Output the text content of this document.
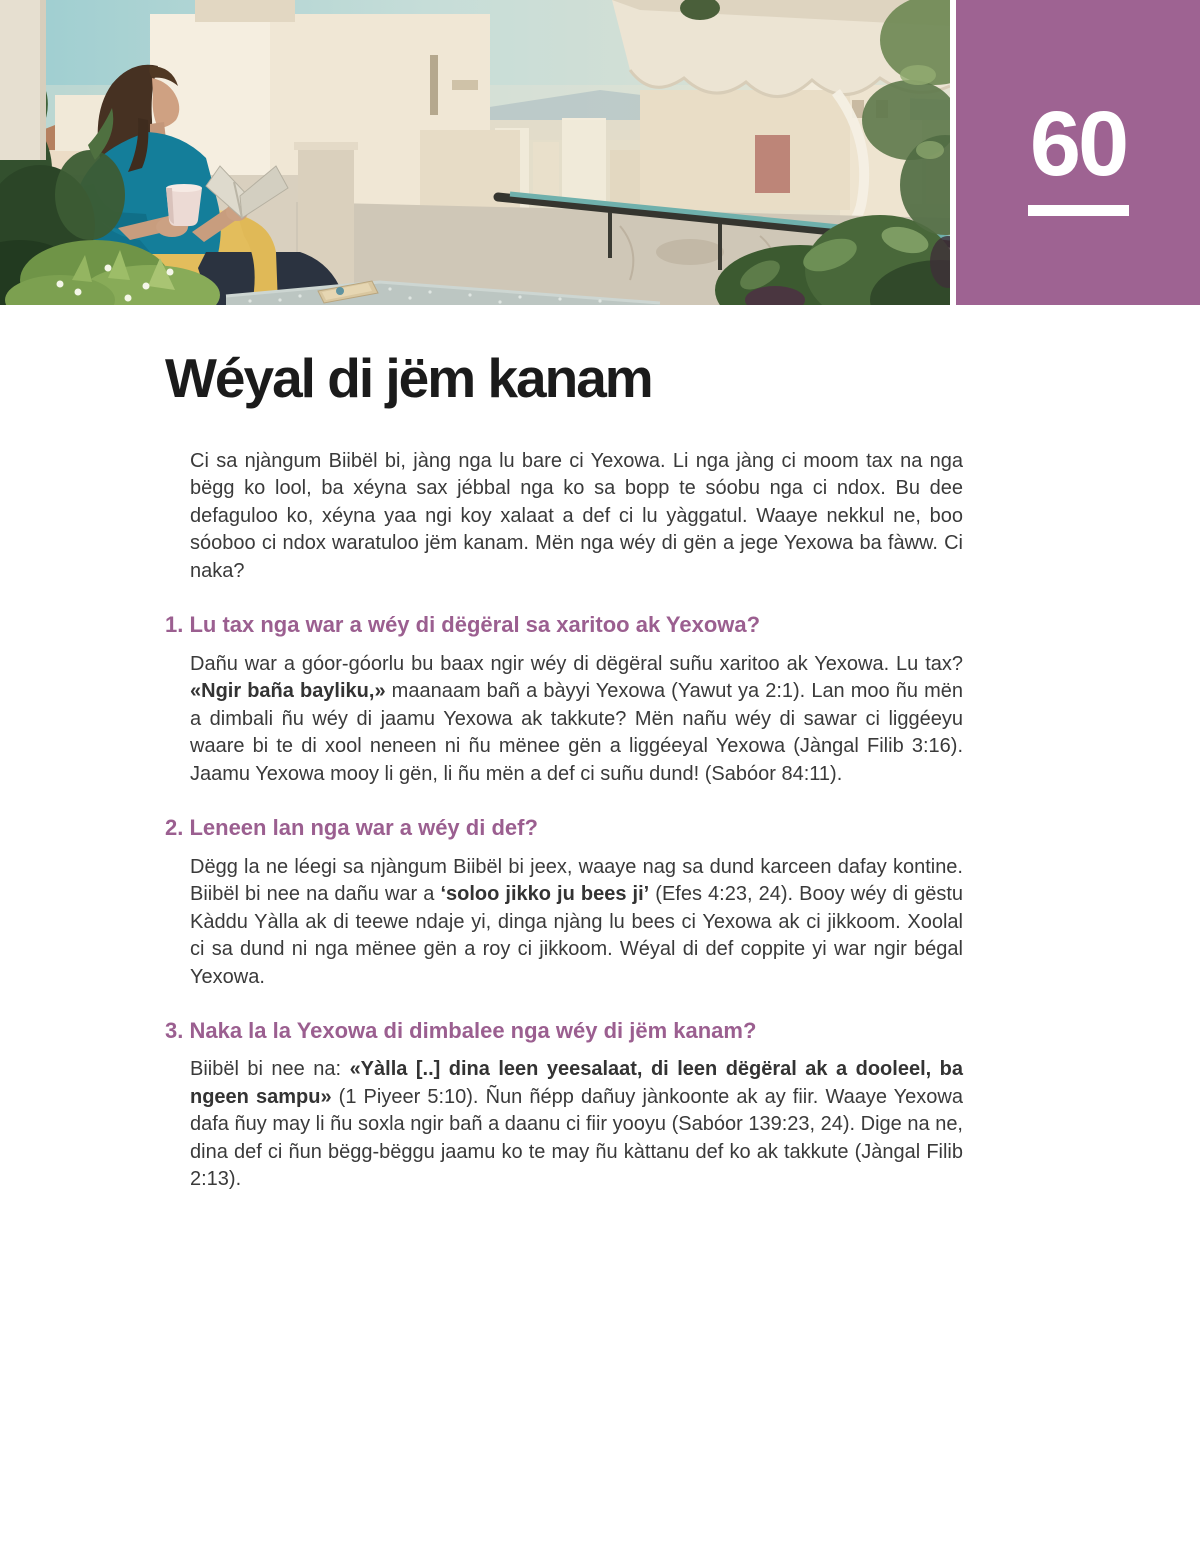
60
Wéyal di jëm kanam

Ci sa njàngum Biibël bi, jàng nga lu bare ci Yexowa. Li nga jàng ci moom tax na nga bëgg ko lool, ba xéyna sax jébbal nga ko sa bopp te sóobu nga ci ndox. Bu dee defaguloo ko, xéyna yaa ngi koy xalaat a def ci lu yàggatul. Waaye nekkul ne, boo sóoboo ci ndox waratuloo jëm kanam. Mën nga wéy di gën a jege Yexowa ba fàww. Ci naka?

1. Lu tax nga war a wéy di dëgëral sa xaritoo ak Yexowa?

Dañu war a góor-góorlu bu baax ngir wéy di dëgëral suñu xaritoo ak Yexowa. Lu tax? «Ngir baña bayliku,» maanaam bañ a bàyyi Yexowa (Yawut ya 2:1). Lan moo ñu mën a dimbali ñu wéy di jaamu Yexowa ak takkute? Mën nañu wéy di sawar ci liggéeyu waare bi te di xool neneen ni ñu mënee gën a liggéeyal Yexowa (Jàngal Filib 3:16). Jaamu Yexowa mooy li gën, li ñu mën a def ci suñu dund! (Sabóor 84:11).

2. Leneen lan nga war a wéy di def?

Dëgg la ne léegi sa njàngum Biibël bi jeex, waaye nag sa dund karceen dafay kontine. Biibël bi nee na dañu war a ‘soloo jikko ju bees ji’ (Efes 4:23, 24). Booy wéy di gëstu Kàddu Yàlla ak di teewe ndaje yi, dinga njàng lu bees ci Yexowa ak ci jikkoom. Xoolal ci sa dund ni nga mënee gën a roy ci jikkoom. Wéyal di def coppite yi war ngir bégal Yexowa.

3. Naka la la Yexowa di dimbalee nga wéy di jëm kanam?

Biibël bi nee na: «Yàlla [..] dina leen yeesalaat, di leen dëgëral ak a dooleel, ba ngeen sampu» (1 Piyeer 5:10). Ñun ñépp dañuy jànkoonte ak ay fiir. Waaye Yexowa dafa ñuy may li ñu soxla ngir bañ a daanu ci fiir yooyu (Sabóor 139:23, 24). Dige na ne, dina def ci ñun bëgg-bëggu jaamu ko te may ñu kàttanu def ko ak takkute (Jàngal Filib 2:13).
